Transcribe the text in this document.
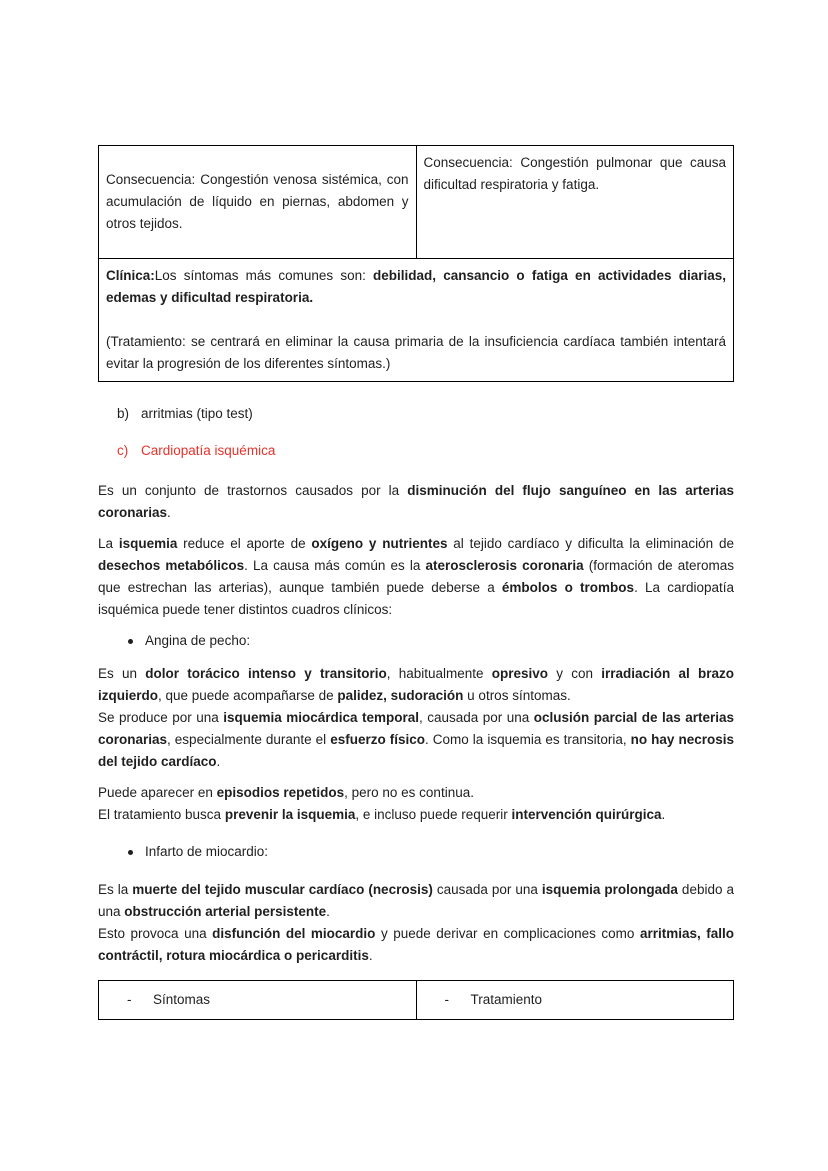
Consecuencia: Congestión venosa sistémica, con acumulación de líquido en piernas, abdomen y otros tejidos.	Consecuencia: Congestión pulmonar que causa dificultad respiratoria y fatiga.

Clínica:Los síntomas más comunes son: debilidad, cansancio o fatiga en actividades diarias, edemas y dificultad respiratoria.

(Tratamiento: se centrará en eliminar la causa primaria de la insuficiencia cardíaca también intentará evitar la progresión de los diferentes síntomas.)

b) arritmias (tipo test)
c) Cardiopatía isquémica

Es un conjunto de trastornos causados por la disminución del flujo sanguíneo en las arterias coronarias.

La isquemia reduce el aporte de oxígeno y nutrientes al tejido cardíaco y dificulta la eliminación de desechos metabólicos. La causa más común es la aterosclerosis coronaria (formación de ateromas que estrechan las arterias), aunque también puede deberse a émbolos o trombos. La cardiopatía isquémica puede tener distintos cuadros clínicos:

Angina de pecho:

Es un dolor torácico intenso y transitorio, habitualmente opresivo y con irradiación al brazo izquierdo, que puede acompañarse de palidez, sudoración u otros síntomas.

Se produce por una isquemia miocárdica temporal, causada por una oclusión parcial de las arterias coronarias, especialmente durante el esfuerzo físico. Como la isquemia es transitoria, no hay necrosis del tejido cardíaco.

Puede aparecer en episodios repetidos, pero no es continua.

El tratamiento busca prevenir la isquemia, e incluso puede requerir intervención quirúrgica.

Infarto de miocardio:

Es la muerte del tejido muscular cardíaco (necrosis) causada por una isquemia prolongada debido a una obstrucción arterial persistente.

Esto provoca una disfunción del miocardio y puede derivar en complicaciones como arritmias, fallo contráctil, rotura miocárdica o pericarditis.

-	Síntomas	-	Tratamiento
